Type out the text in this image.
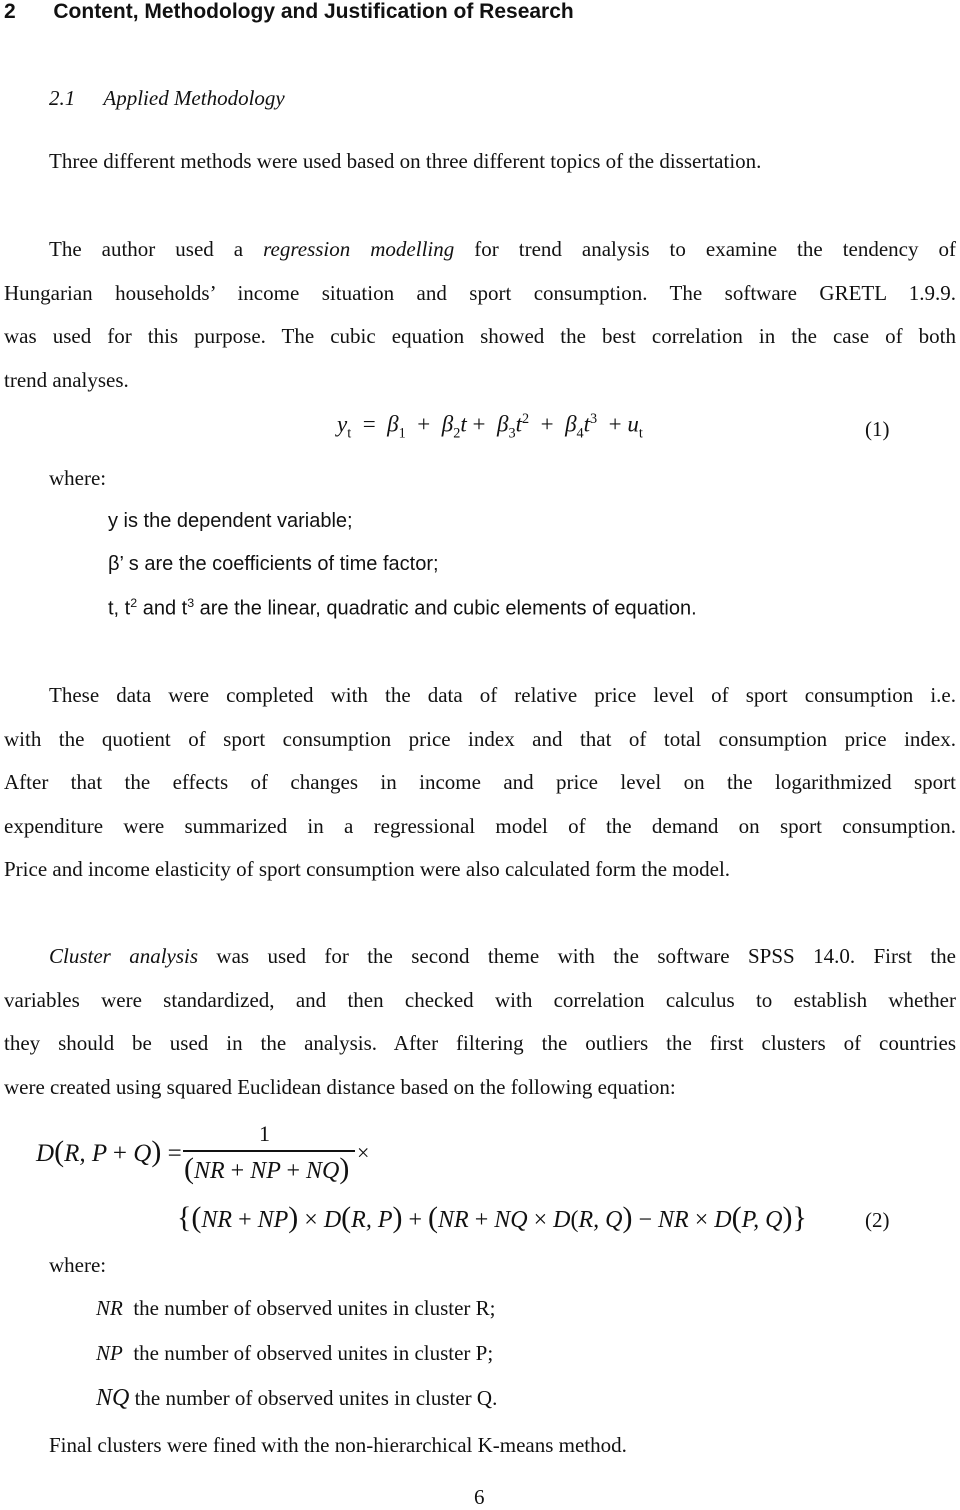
2 Content, Methodology and Justification of Research
2.1 Applied Methodology
Three different methods were used based on three different topics of the dissertation.
The author used a regression modelling for trend analysis to examine the tendency of
Hungarian households’ income situation and sport consumption. The software GRETL 1.9.9.
was used for this purpose. The cubic equation showed the best correlation in the case of both
trend analyses.
$y_t = \beta_1 + \beta_2t + \beta_3t^2 + \beta_4t^3 + u_t$	(1)
where:
y is the dependent variable;
β’ s are the coefficients of time factor;
t, $t^2$ and $t^3$ are the linear, quadratic and cubic elements of equation.
These data were completed with the data of relative price level of sport consumption i.e.
with the quotient of sport consumption price index and that of total consumption price index.
After that the effects of changes in income and price level on the logarithmized sport
expenditure were summarized in a regressional model of the demand on sport consumption.
Price and income elasticity of sport consumption were also calculated form the model.
Cluster analysis was used for the second theme with the software SPSS 14.0. First the
variables were standardized, and then checked with correlation calculus to establish whether
they should be used in the analysis. After filtering the outliers the first clusters of countries
were created using squared Euclidean distance based on the following equation:
D(R, P + Q) =
1
(NR + NP + NQ) ×
{(NR + NP) × D(R, P) + (NR + NQ × D(R, Q) − NR × D(P, Q)}	(2)
where:
NR the number of observed unites in cluster R;
NP the number of observed unites in cluster P;
NQ the number of observed unites in cluster Q.
Final clusters were fined with the non-hierarchical K-means method.
6
